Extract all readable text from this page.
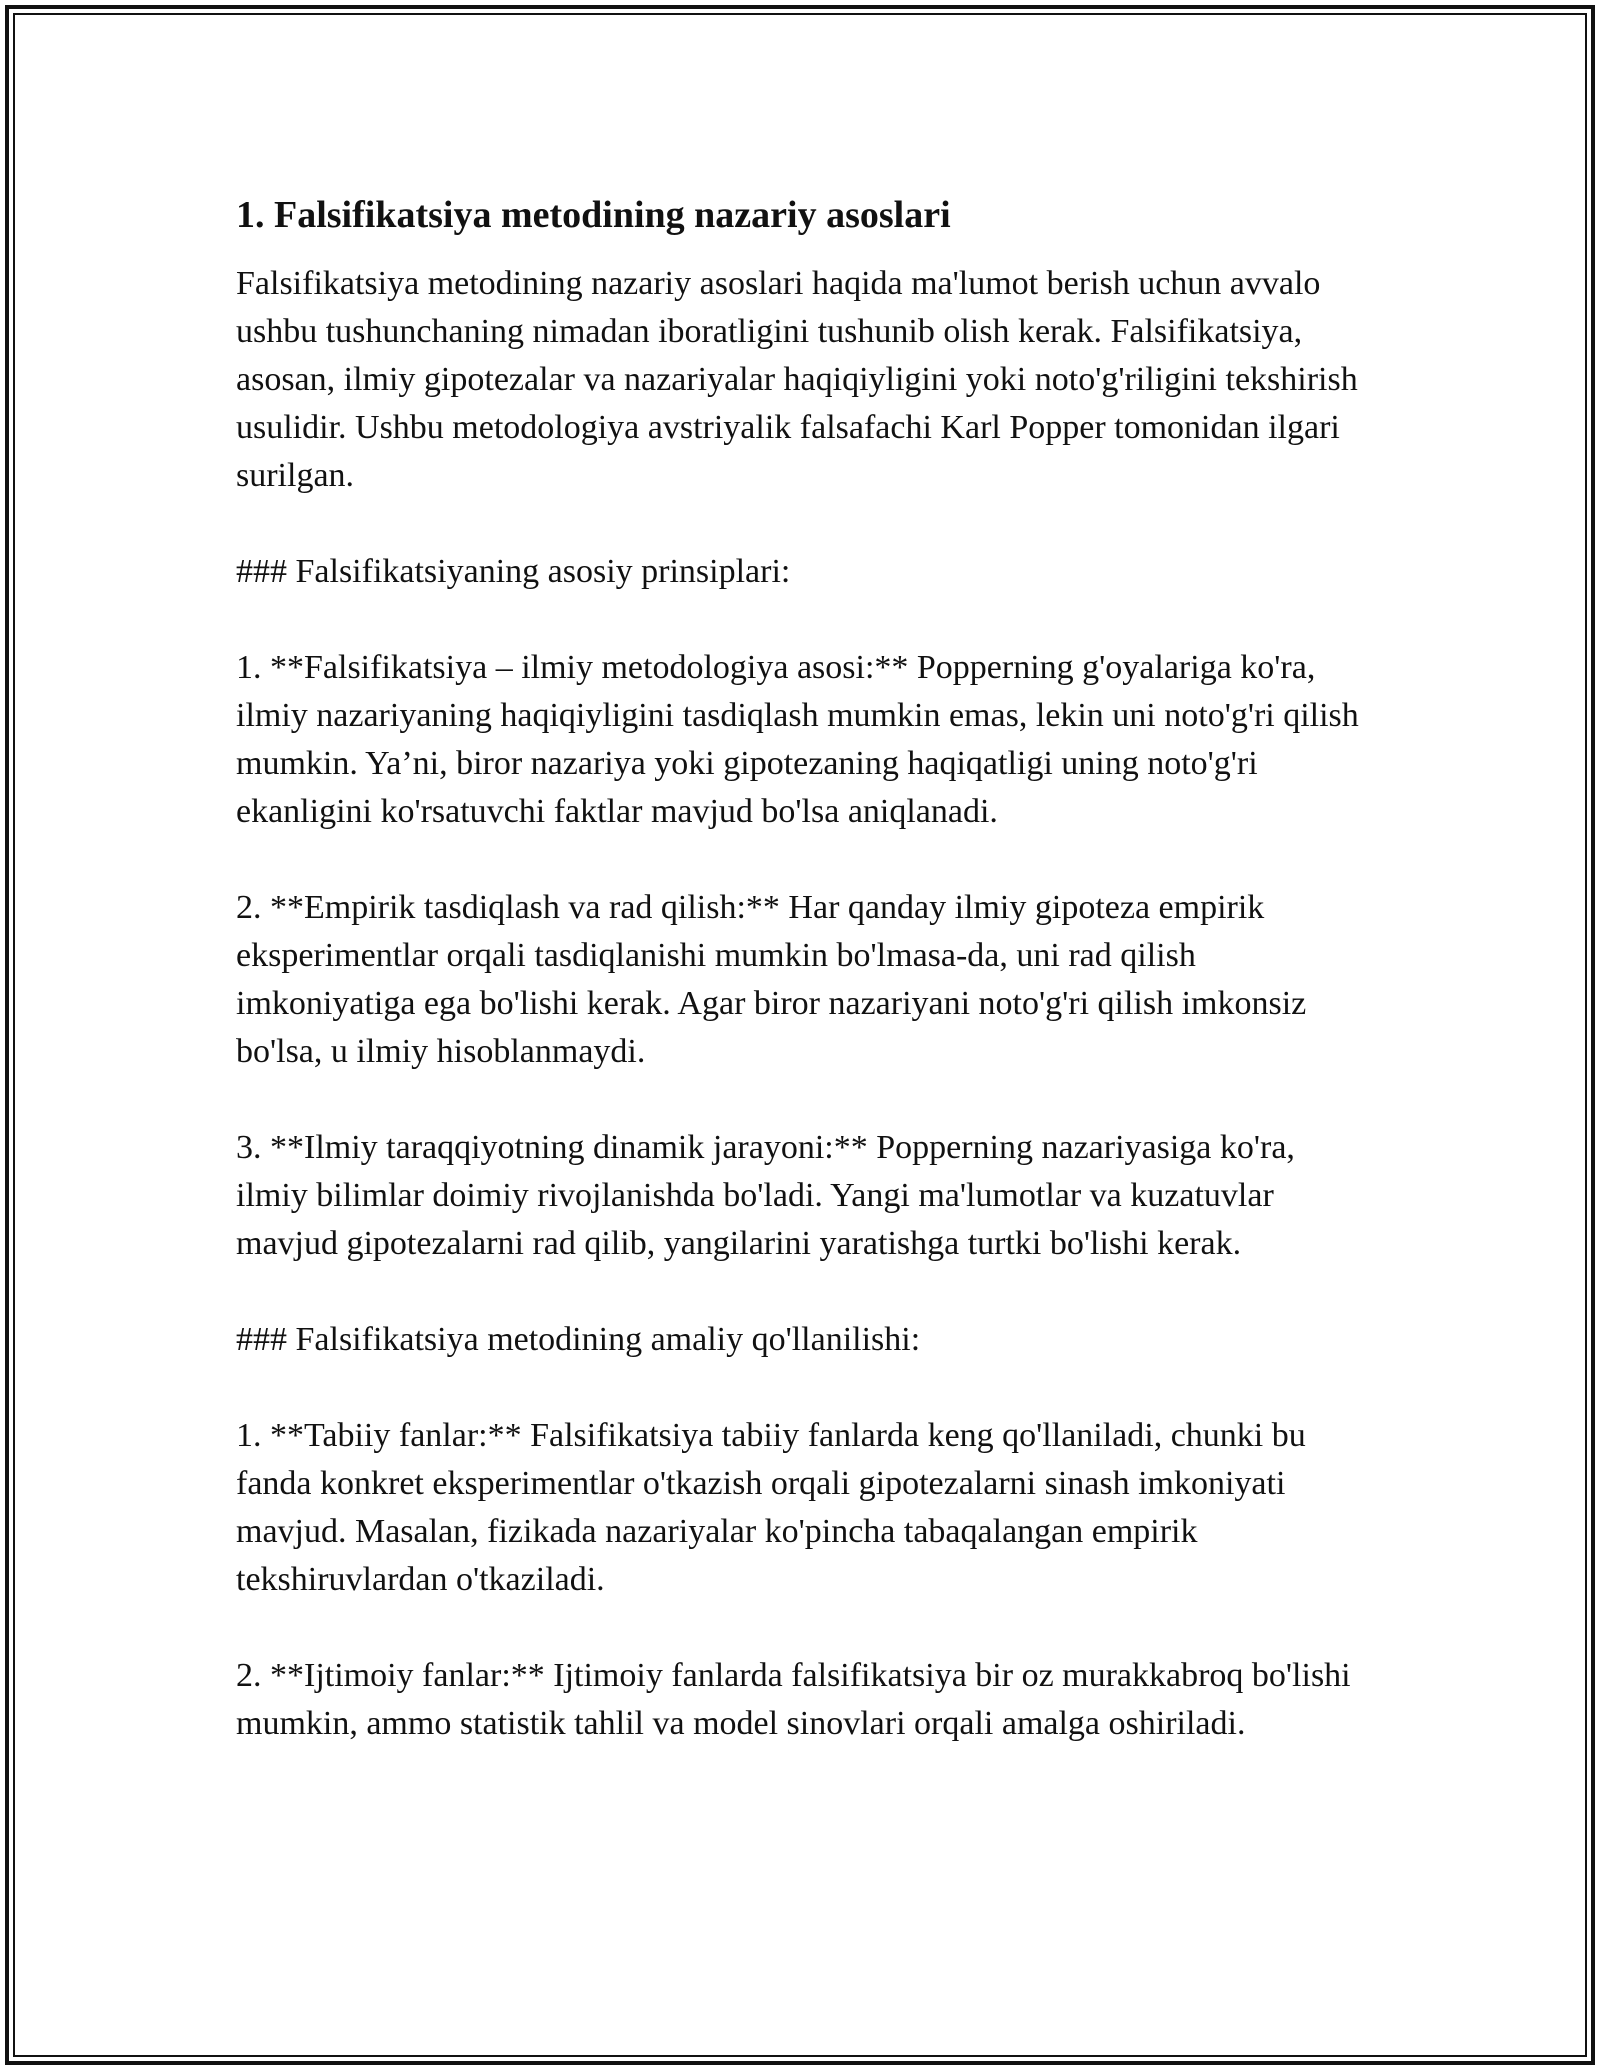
1. Falsifikatsiya metodining nazariy asoslari

Falsifikatsiya metodining nazariy asoslari haqida ma'lumot berish uchun avvalo ushbu tushunchaning nimadan iboratligini tushunib olish kerak. Falsifikatsiya, asosan, ilmiy gipotezalar va nazariyalar haqiqiyligini yoki noto'g'riligini tekshirish usulidir. Ushbu metodologiya avstriyalik falsafachi Karl Popper tomonidan ilgari surilgan.

### Falsifikatsiyaning asosiy prinsiplari:

1. **Falsifikatsiya – ilmiy metodologiya asosi:** Popperning g'oyalariga ko'ra, ilmiy nazariyaning haqiqiyligini tasdiqlash mumkin emas, lekin uni noto'g'ri qilish mumkin. Ya’ni, biror nazariya yoki gipotezaning haqiqatligi uning noto'g'ri ekanligini ko'rsatuvchi faktlar mavjud bo'lsa aniqlanadi.

2. **Empirik tasdiqlash va rad qilish:** Har qanday ilmiy gipoteza empirik eksperimentlar orqali tasdiqlanishi mumkin bo'lmasa-da, uni rad qilish imkoniyatiga ega bo'lishi kerak. Agar biror nazariyani noto'g'ri qilish imkonsiz bo'lsa, u ilmiy hisoblanmaydi.

3. **Ilmiy taraqqiyotning dinamik jarayoni:** Popperning nazariyasiga ko'ra, ilmiy bilimlar doimiy rivojlanishda bo'ladi. Yangi ma'lumotlar va kuzatuvlar mavjud gipotezalarni rad qilib, yangilarini yaratishga turtki bo'lishi kerak.

### Falsifikatsiya metodining amaliy qo'llanilishi:

1. **Tabiiy fanlar:** Falsifikatsiya tabiiy fanlarda keng qo'llaniladi, chunki bu fanda konkret eksperimentlar o'tkazish orqali gipotezalarni sinash imkoniyati mavjud. Masalan, fizikada nazariyalar ko'pincha tabaqalangan empirik tekshiruvlardan o'tkaziladi.

2. **Ijtimoiy fanlar:** Ijtimoiy fanlarda falsifikatsiya bir oz murakkabroq bo'lishi mumkin, ammo statistik tahlil va model sinovlari orqali amalga oshiriladi.
